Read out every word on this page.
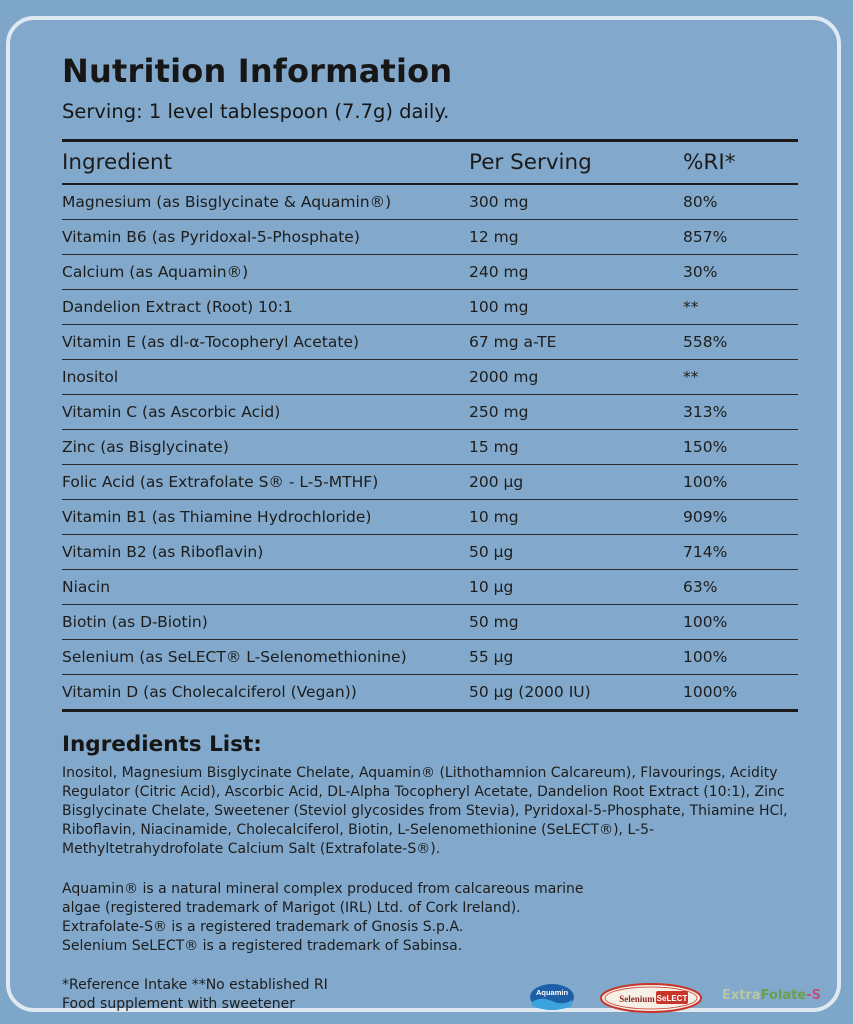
Nutrition Information
Serving: 1 level tablespoon (7.7g) daily.
Ingredient	Per Serving	%RI*
Magnesium (as Bisglycinate & Aquamin®)	300 mg	80%
Vitamin B6 (as Pyridoxal-5-Phosphate)	12 mg	857%
Calcium (as Aquamin®)	240 mg	30%
Dandelion Extract (Root) 10:1	100 mg	**
Vitamin E (as dl-α-Tocopheryl Acetate)	67 mg a-TE	558%
Inositol	2000 mg	**
Vitamin C (as Ascorbic Acid)	250 mg	313%
Zinc (as Bisglycinate)	15 mg	150%
Folic Acid (as Extrafolate S® - L-5-MTHF)	200 µg	100%
Vitamin B1 (as Thiamine Hydrochloride)	10 mg	909%
Vitamin B2 (as Riboflavin)	50 µg	714%
Niacin	10 µg	63%
Biotin (as D-Biotin)	50 mg	100%
Selenium (as SeLECT® L-Selenomethionine)	55 µg	100%
Vitamin D (as Cholecalciferol (Vegan))	50 µg (2000 IU)	1000%
Ingredients List:
Inositol, Magnesium Bisglycinate Chelate, Aquamin® (Lithothamnion Calcareum), Flavourings, Acidity Regulator (Citric Acid), Ascorbic Acid, DL-Alpha Tocopheryl Acetate, Dandelion Root Extract (10:1), Zinc Bisglycinate Chelate, Sweetener (Steviol glycosides from Stevia), Pyridoxal-5-Phosphate, Thiamine HCl, Riboflavin, Niacinamide, Cholecalciferol, Biotin, L-Selenomethionine (SeLECT®), L-5-Methyltetrahydrofolate Calcium Salt (Extrafolate-S®).
Aquamin® is a natural mineral complex produced from calcareous marine
algae (registered trademark of Marigot (IRL) Ltd. of Cork Ireland).
Extrafolate-S® is a registered trademark of Gnosis S.p.A.
Selenium SeLECT® is a registered trademark of Sabinsa.
*Reference Intake **No established RI
Food supplement with sweetener
Aquamin
Selenium SeLECT	ExtraFolate-S
